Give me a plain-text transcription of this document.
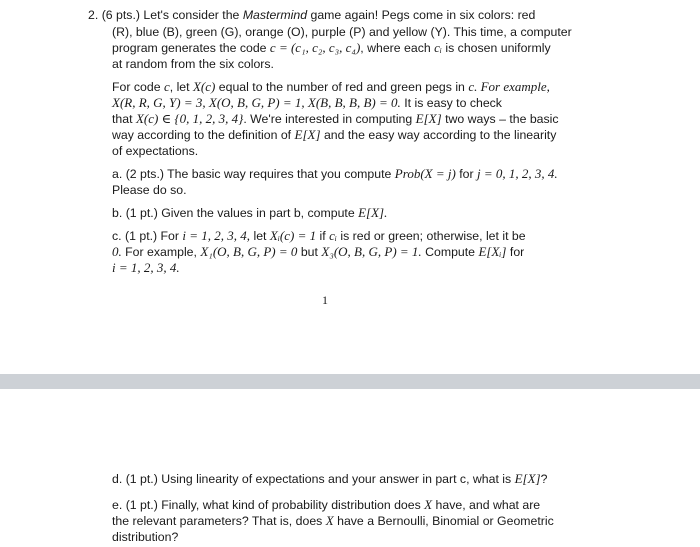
2. (6 pts.) Let's consider the Mastermind game again! Pegs come in six colors: red
(R), blue (B), green (G), orange (O), purple (P) and yellow (Y). This time, a computer
program generates the code c = (c₁, c₂, c₃, c₄), where each cᵢ is chosen uniformly
at random from the six colors.
For code c, let X(c) equal to the number of red and green pegs in c. For example,
X(R, R, G, Y) = 3, X(O, B, G, P) = 1, X(B, B, B, B) = 0. It is easy to check
that X(c) ∈ {0, 1, 2, 3, 4}. We're interested in computing E[X] two ways – the basic
way according to the definition of E[X] and the easy way according to the linearity
of expectations.
a. (2 pts.) The basic way requires that you compute Prob(X = j) for j = 0, 1, 2, 3, 4.
Please do so.
b. (1 pt.) Given the values in part b, compute E[X].
c. (1 pt.) For i = 1, 2, 3, 4, let Xᵢ(c) = 1 if cᵢ is red or green; otherwise, let it be
0. For example, X₁(O, B, G, P) = 0 but X₃(O, B, G, P) = 1. Compute E[Xᵢ] for
i = 1, 2, 3, 4.
1
d. (1 pt.) Using linearity of expectations and your answer in part c, what is E[X]?
e. (1 pt.) Finally, what kind of probability distribution does X have, and what are
the relevant parameters? That is, does X have a Bernoulli, Binomial or Geometric
distribution?
